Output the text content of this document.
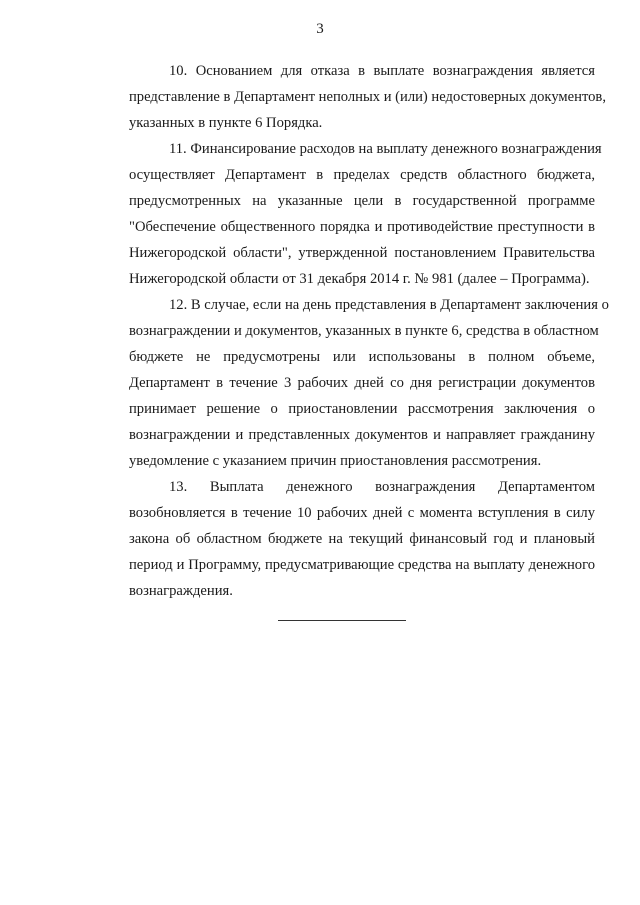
3
10. Основанием для отказа в выплате вознаграждения является
представление в Департамент неполных и (или) недостоверных документов,
указанных в пункте 6 Порядка.
11. Финансирование расходов на выплату денежного вознаграждения
осуществляет Департамент в пределах средств областного бюджета,
предусмотренных на указанные цели в государственной программе
"Обеспечение общественного порядка и противодействие преступности в
Нижегородской области", утвержденной постановлением Правительства
Нижегородской области от 31 декабря 2014 г. № 981 (далее – Программа).
12. В случае, если на день представления в Департамент заключения о
вознаграждении и документов, указанных в пункте 6, средства в областном
бюджете не предусмотрены или использованы в полном объеме,
Департамент в течение 3 рабочих дней со дня регистрации документов
принимает решение о приостановлении рассмотрения заключения о
вознаграждении и представленных документов и направляет гражданину
уведомление с указанием причин приостановления рассмотрения.
13. Выплата денежного вознаграждения Департаментом
возобновляется в течение 10 рабочих дней с момента вступления в силу
закона об областном бюджете на текущий финансовый год и плановый
период и Программу, предусматривающие средства на выплату денежного
вознаграждения.
